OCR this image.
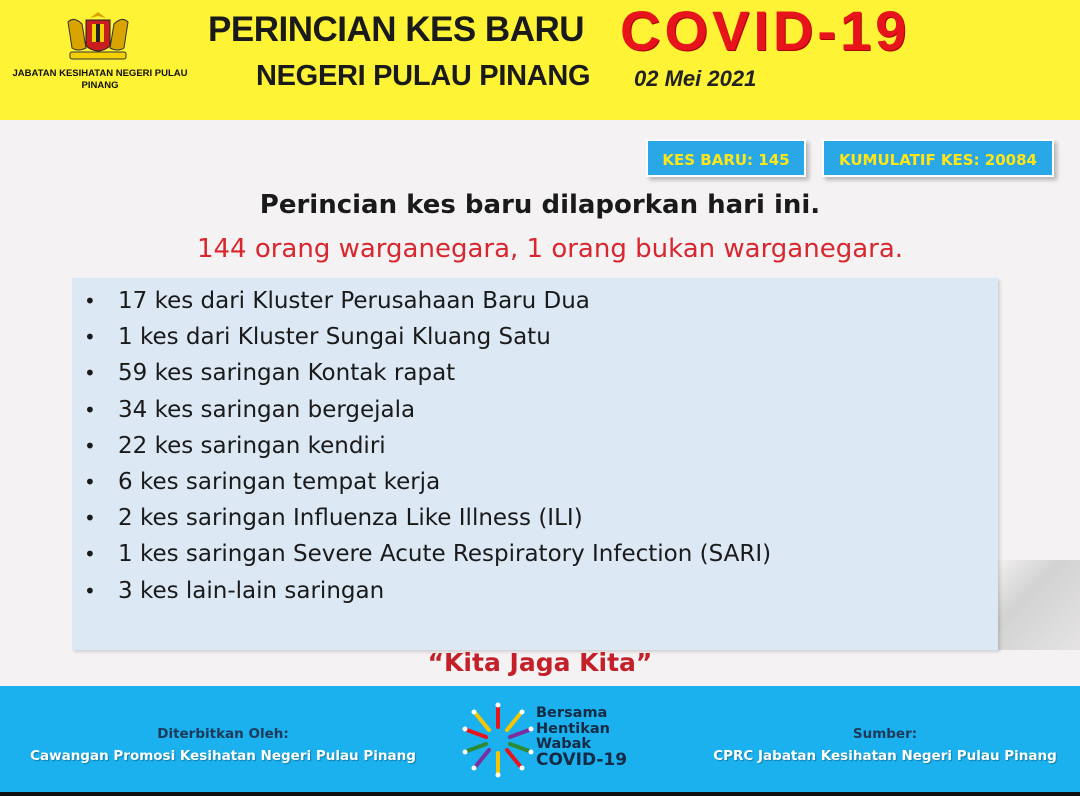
JABATAN KESIHATAN NEGERI PULAU PINANG
PERINCIAN KES BARU COVID-19
NEGERI PULAU PINANG 02 Mei 2021
KES BARU: 145	KUMULATIF KES: 20084
Perincian kes baru dilaporkan hari ini.
144 orang warganegara, 1 orang bukan warganegara.
• 17 kes dari Kluster Perusahaan Baru Dua
• 1 kes dari Kluster Sungai Kluang Satu
• 59 kes saringan Kontak rapat
• 34 kes saringan bergejala
• 22 kes saringan kendiri
• 6 kes saringan tempat kerja
• 2 kes saringan Influenza Like Illness (ILI)
• 1 kes saringan Severe Acute Respiratory Infection (SARI)
• 3 kes lain-lain saringan
“Kita Jaga Kita”
Diterbitkan Oleh:
Cawangan Promosi Kesihatan Negeri Pulau Pinang
Bersama
Hentikan
Wabak
COVID-19
Sumber:
CPRC Jabatan Kesihatan Negeri Pulau Pinang
